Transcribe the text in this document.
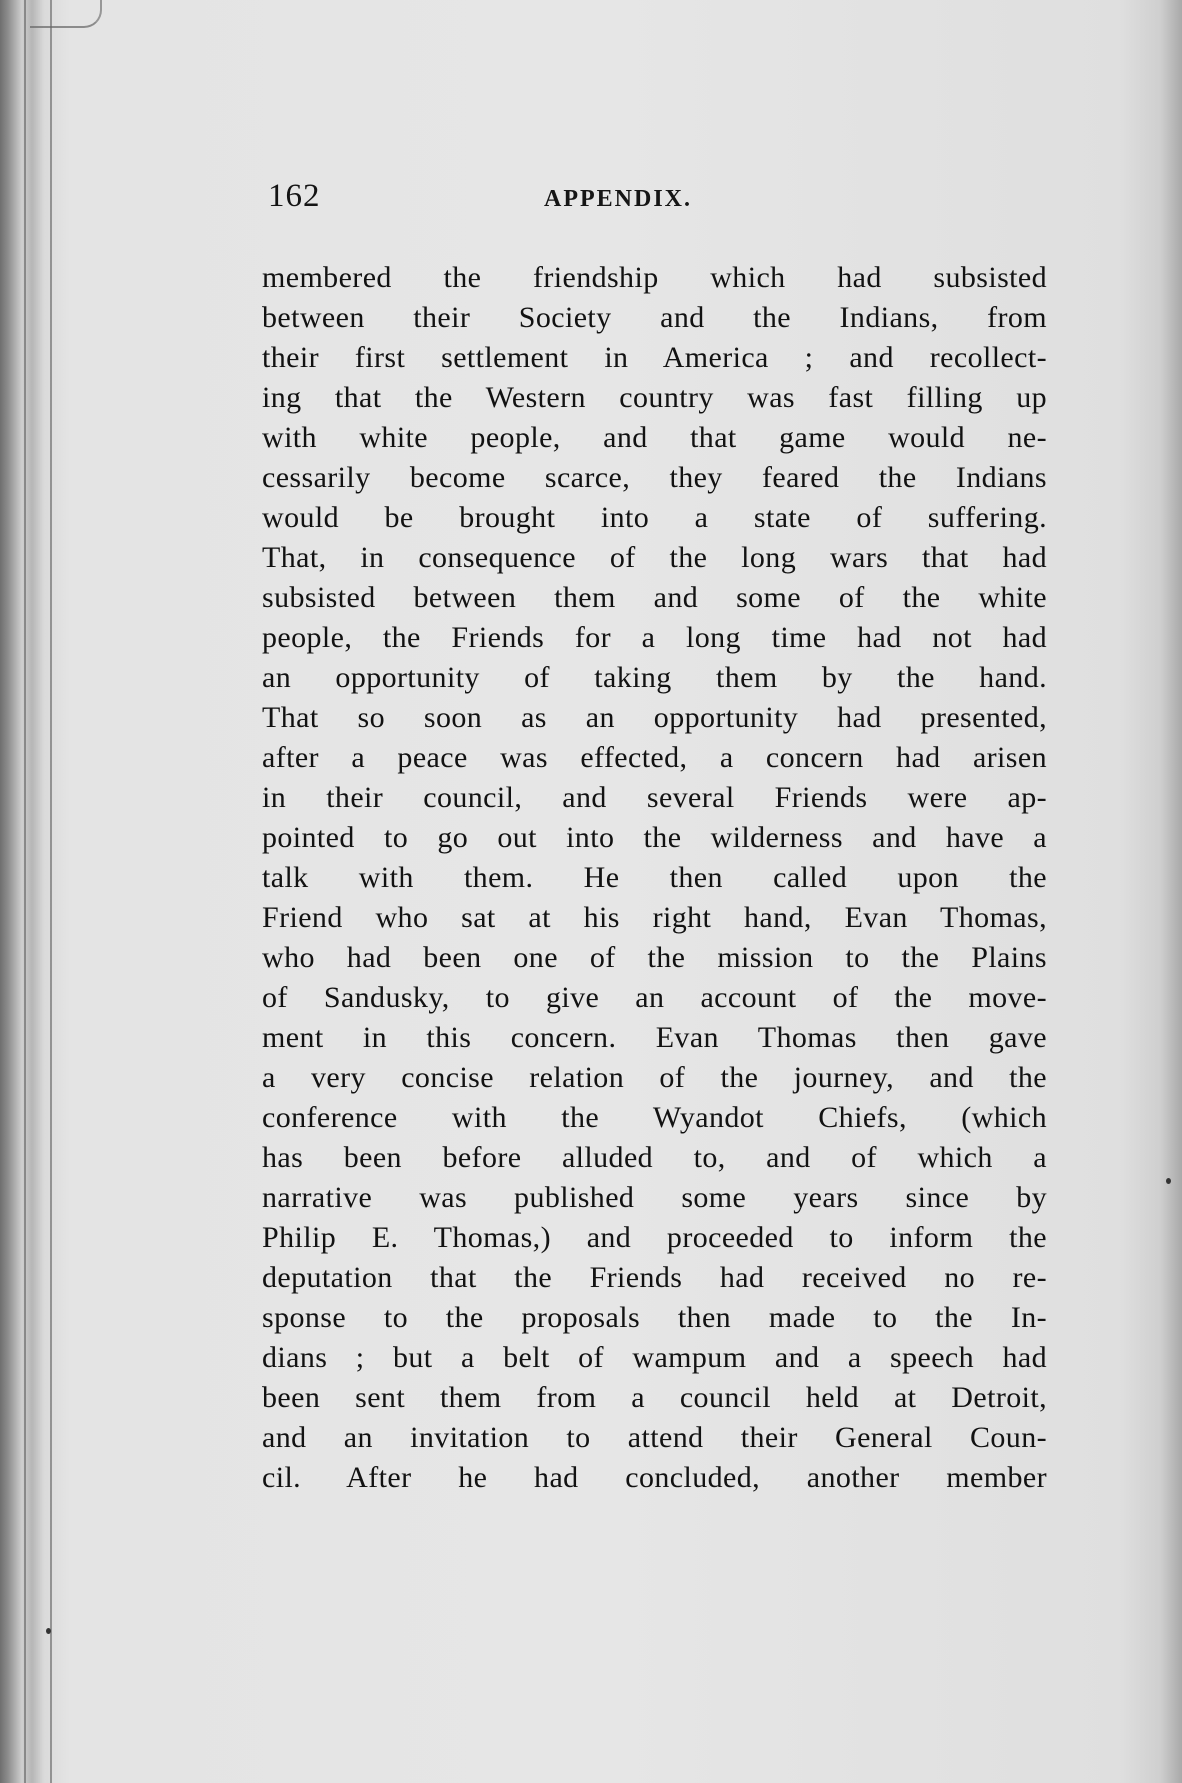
162	APPENDIX.
membered the friendship which had subsisted
between their Society and the Indians, from
their first settlement in America ; and recollect-
ing that the Western country was fast filling up
with white people, and that game would ne-
cessarily become scarce, they feared the Indians
would be brought into a state of suffering.
That, in consequence of the long wars that had
subsisted between them and some of the white
people, the Friends for a long time had not had
an opportunity of taking them by the hand.
That so soon as an opportunity had presented,
after a peace was effected, a concern had arisen
in their council, and several Friends were ap-
pointed to go out into the wilderness and have a
talk with them. He then called upon the
Friend who sat at his right hand, Evan Thomas,
who had been one of the mission to the Plains
of Sandusky, to give an account of the move-
ment in this concern. Evan Thomas then gave
a very concise relation of the journey, and the
conference with the Wyandot Chiefs, (which
has been before alluded to, and of which a
narrative was published some years since by
Philip E. Thomas,) and proceeded to inform the
deputation that the Friends had received no re-
sponse to the proposals then made to the In-
dians ; but a belt of wampum and a speech had
been sent them from a council held at Detroit,
and an invitation to attend their General Coun-
cil. After he had concluded, another member
